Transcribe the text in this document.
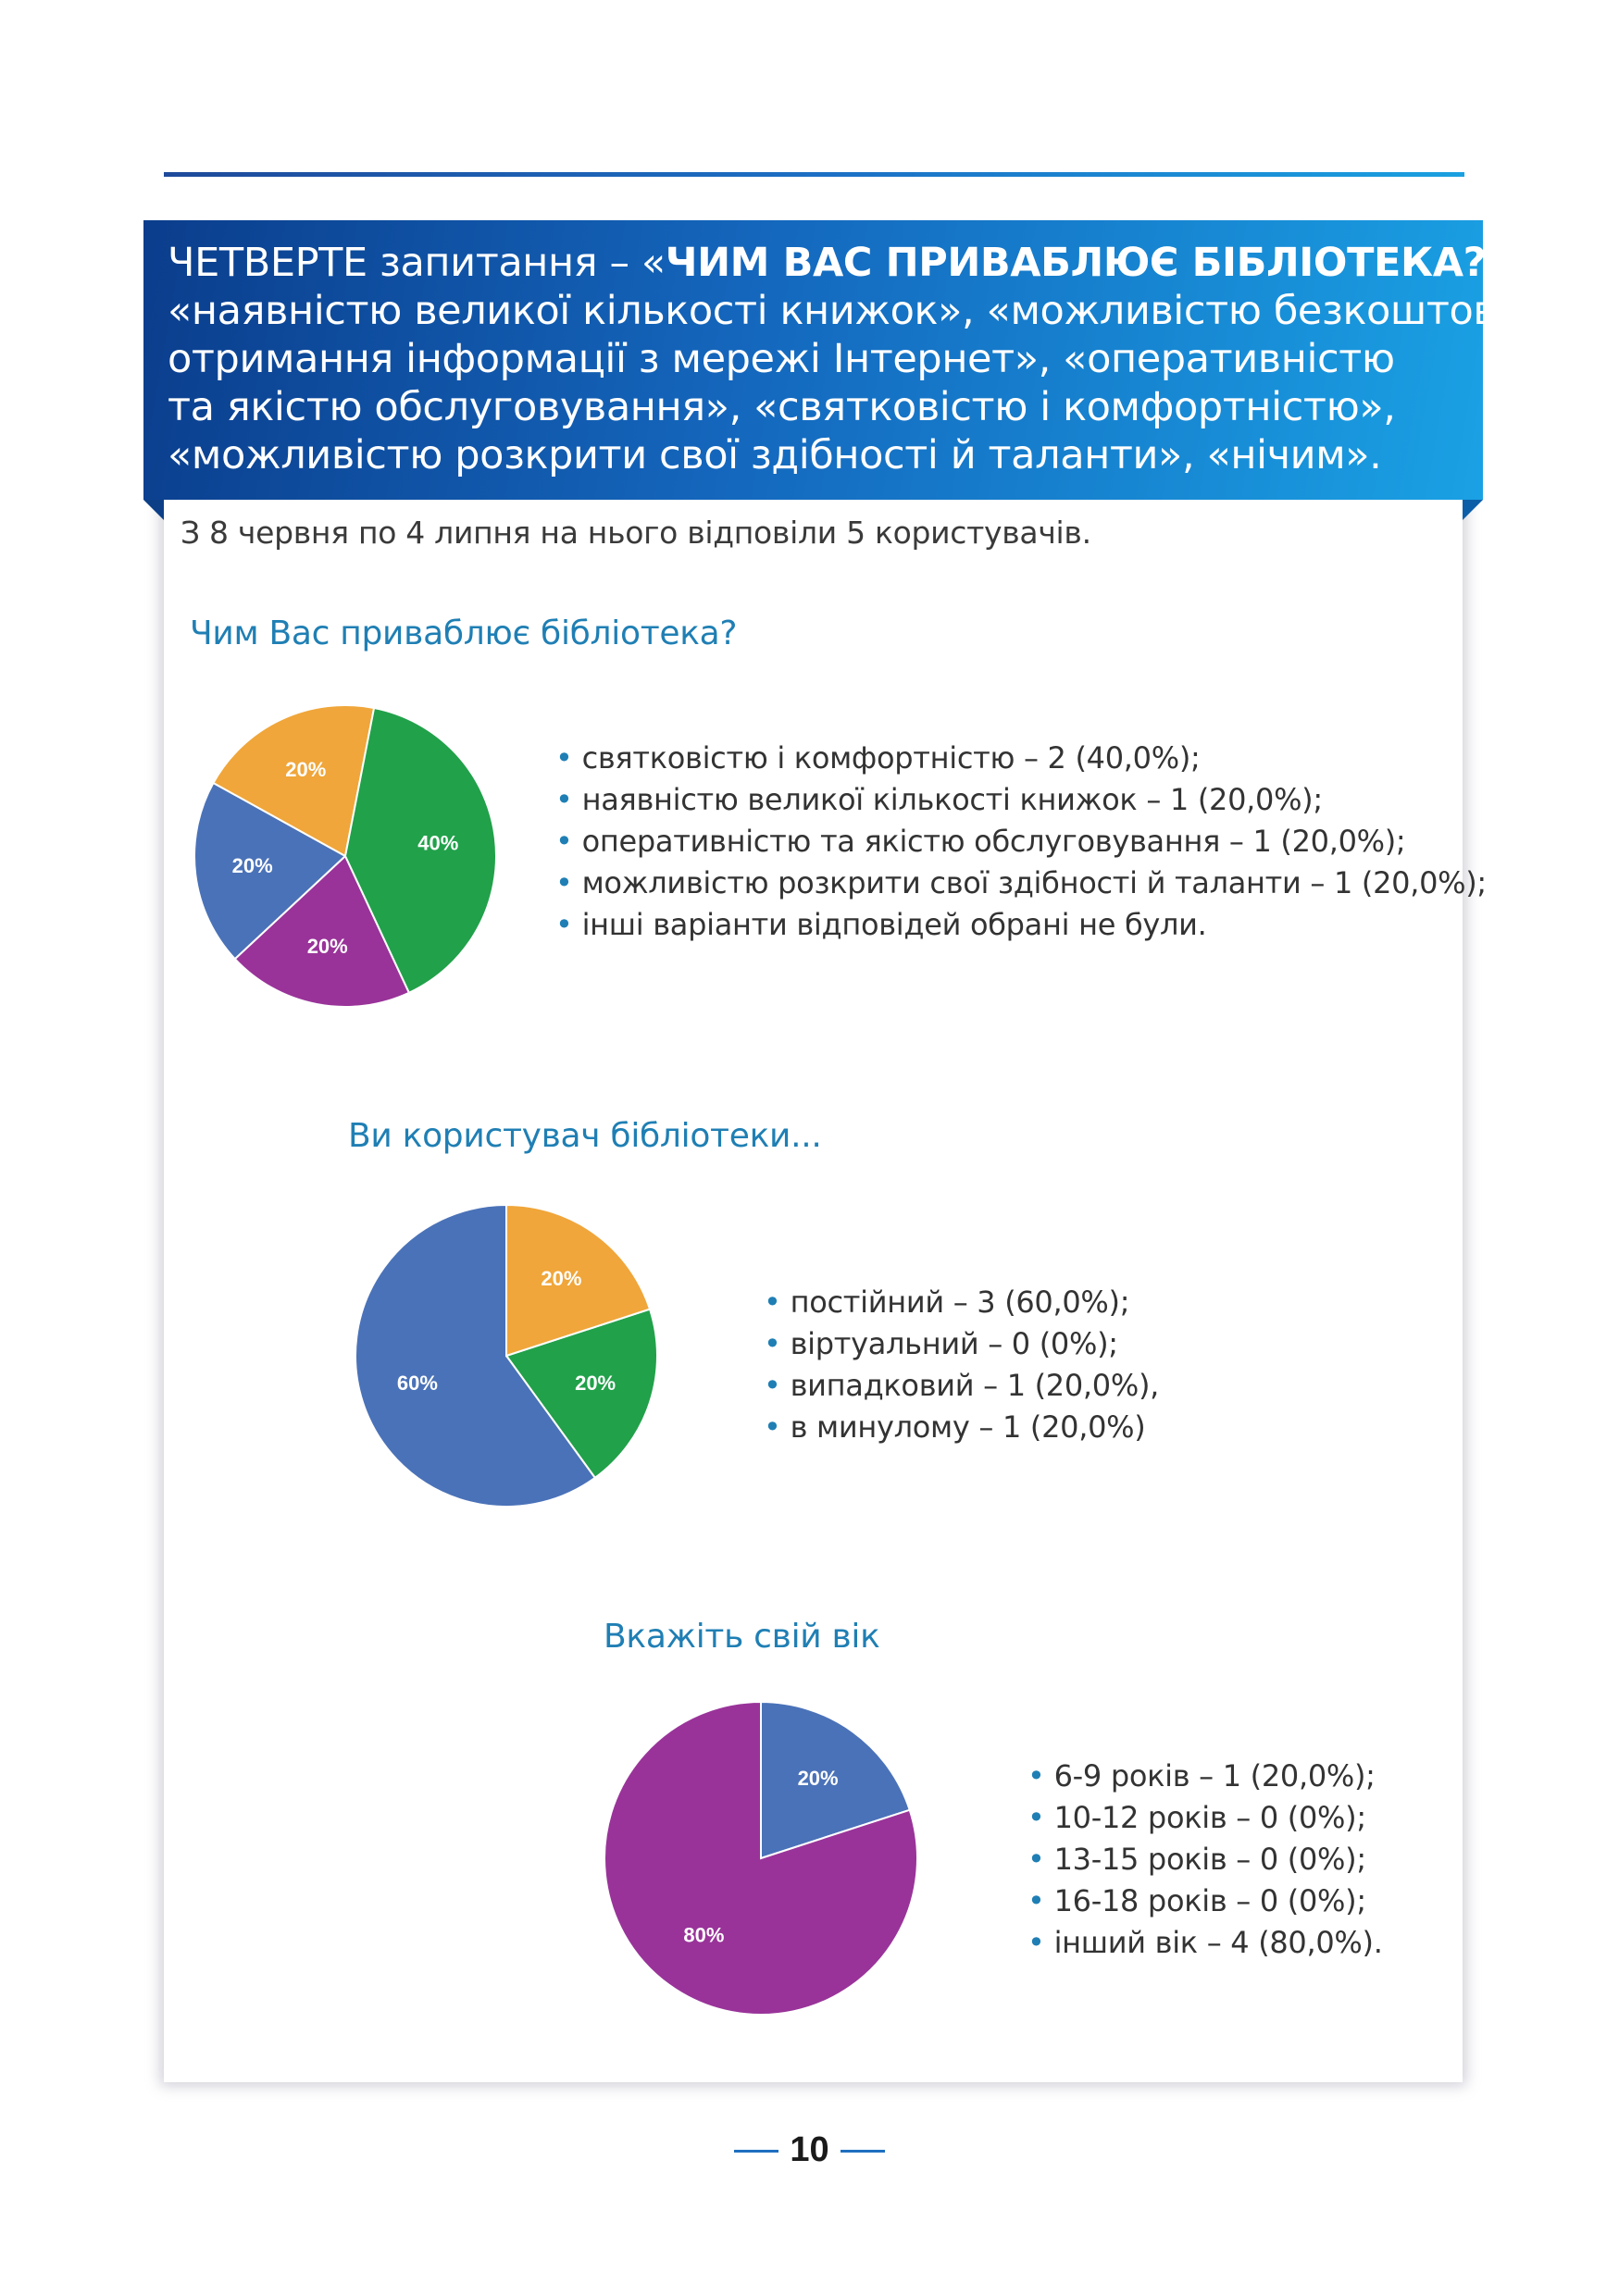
ЧЕТВЕРТЕ запитання – «ЧИМ ВАС ПРИВАБЛЮЄ БІБЛІОТЕКА?:
«наявністю великої кількості книжок», «можливістю безкоштовного
отримання інформації з мережі Інтернет», «оперативністю
та якістю обслуговування», «святковістю і комфортністю»,
«можливістю розкрити свої здібності й таланти», «нічим».
З 8 червня по 4 липня на нього відповіли 5 користувачів.
Чим Вас приваблює бібліотека?
20%
20%
20%
40%
• святковістю і комфортністю – 2 (40,0%);
• наявністю великої кількості книжок – 1 (20,0%);
• оперативністю та якістю обслуговування – 1 (20,0%);
• можливістю розкрити свої здібності й таланти – 1 (20,0%);
• інші варіанти відповідей обрані не були.
Ви користувач бібліотеки...
20%
60%
20%
• постійний – 3 (60,0%);
• віртуальний – 0 (0%);
• випадковий – 1 (20,0%),
• в минулому – 1 (20,0%)
Вкажіть свій вік
20%
80%
• 6-9 років – 1 (20,0%);
• 10-12 років – 0 (0%);
• 13-15 років – 0 (0%);
• 16-18 років – 0 (0%);
• інший вік – 4 (80,0%).
10
